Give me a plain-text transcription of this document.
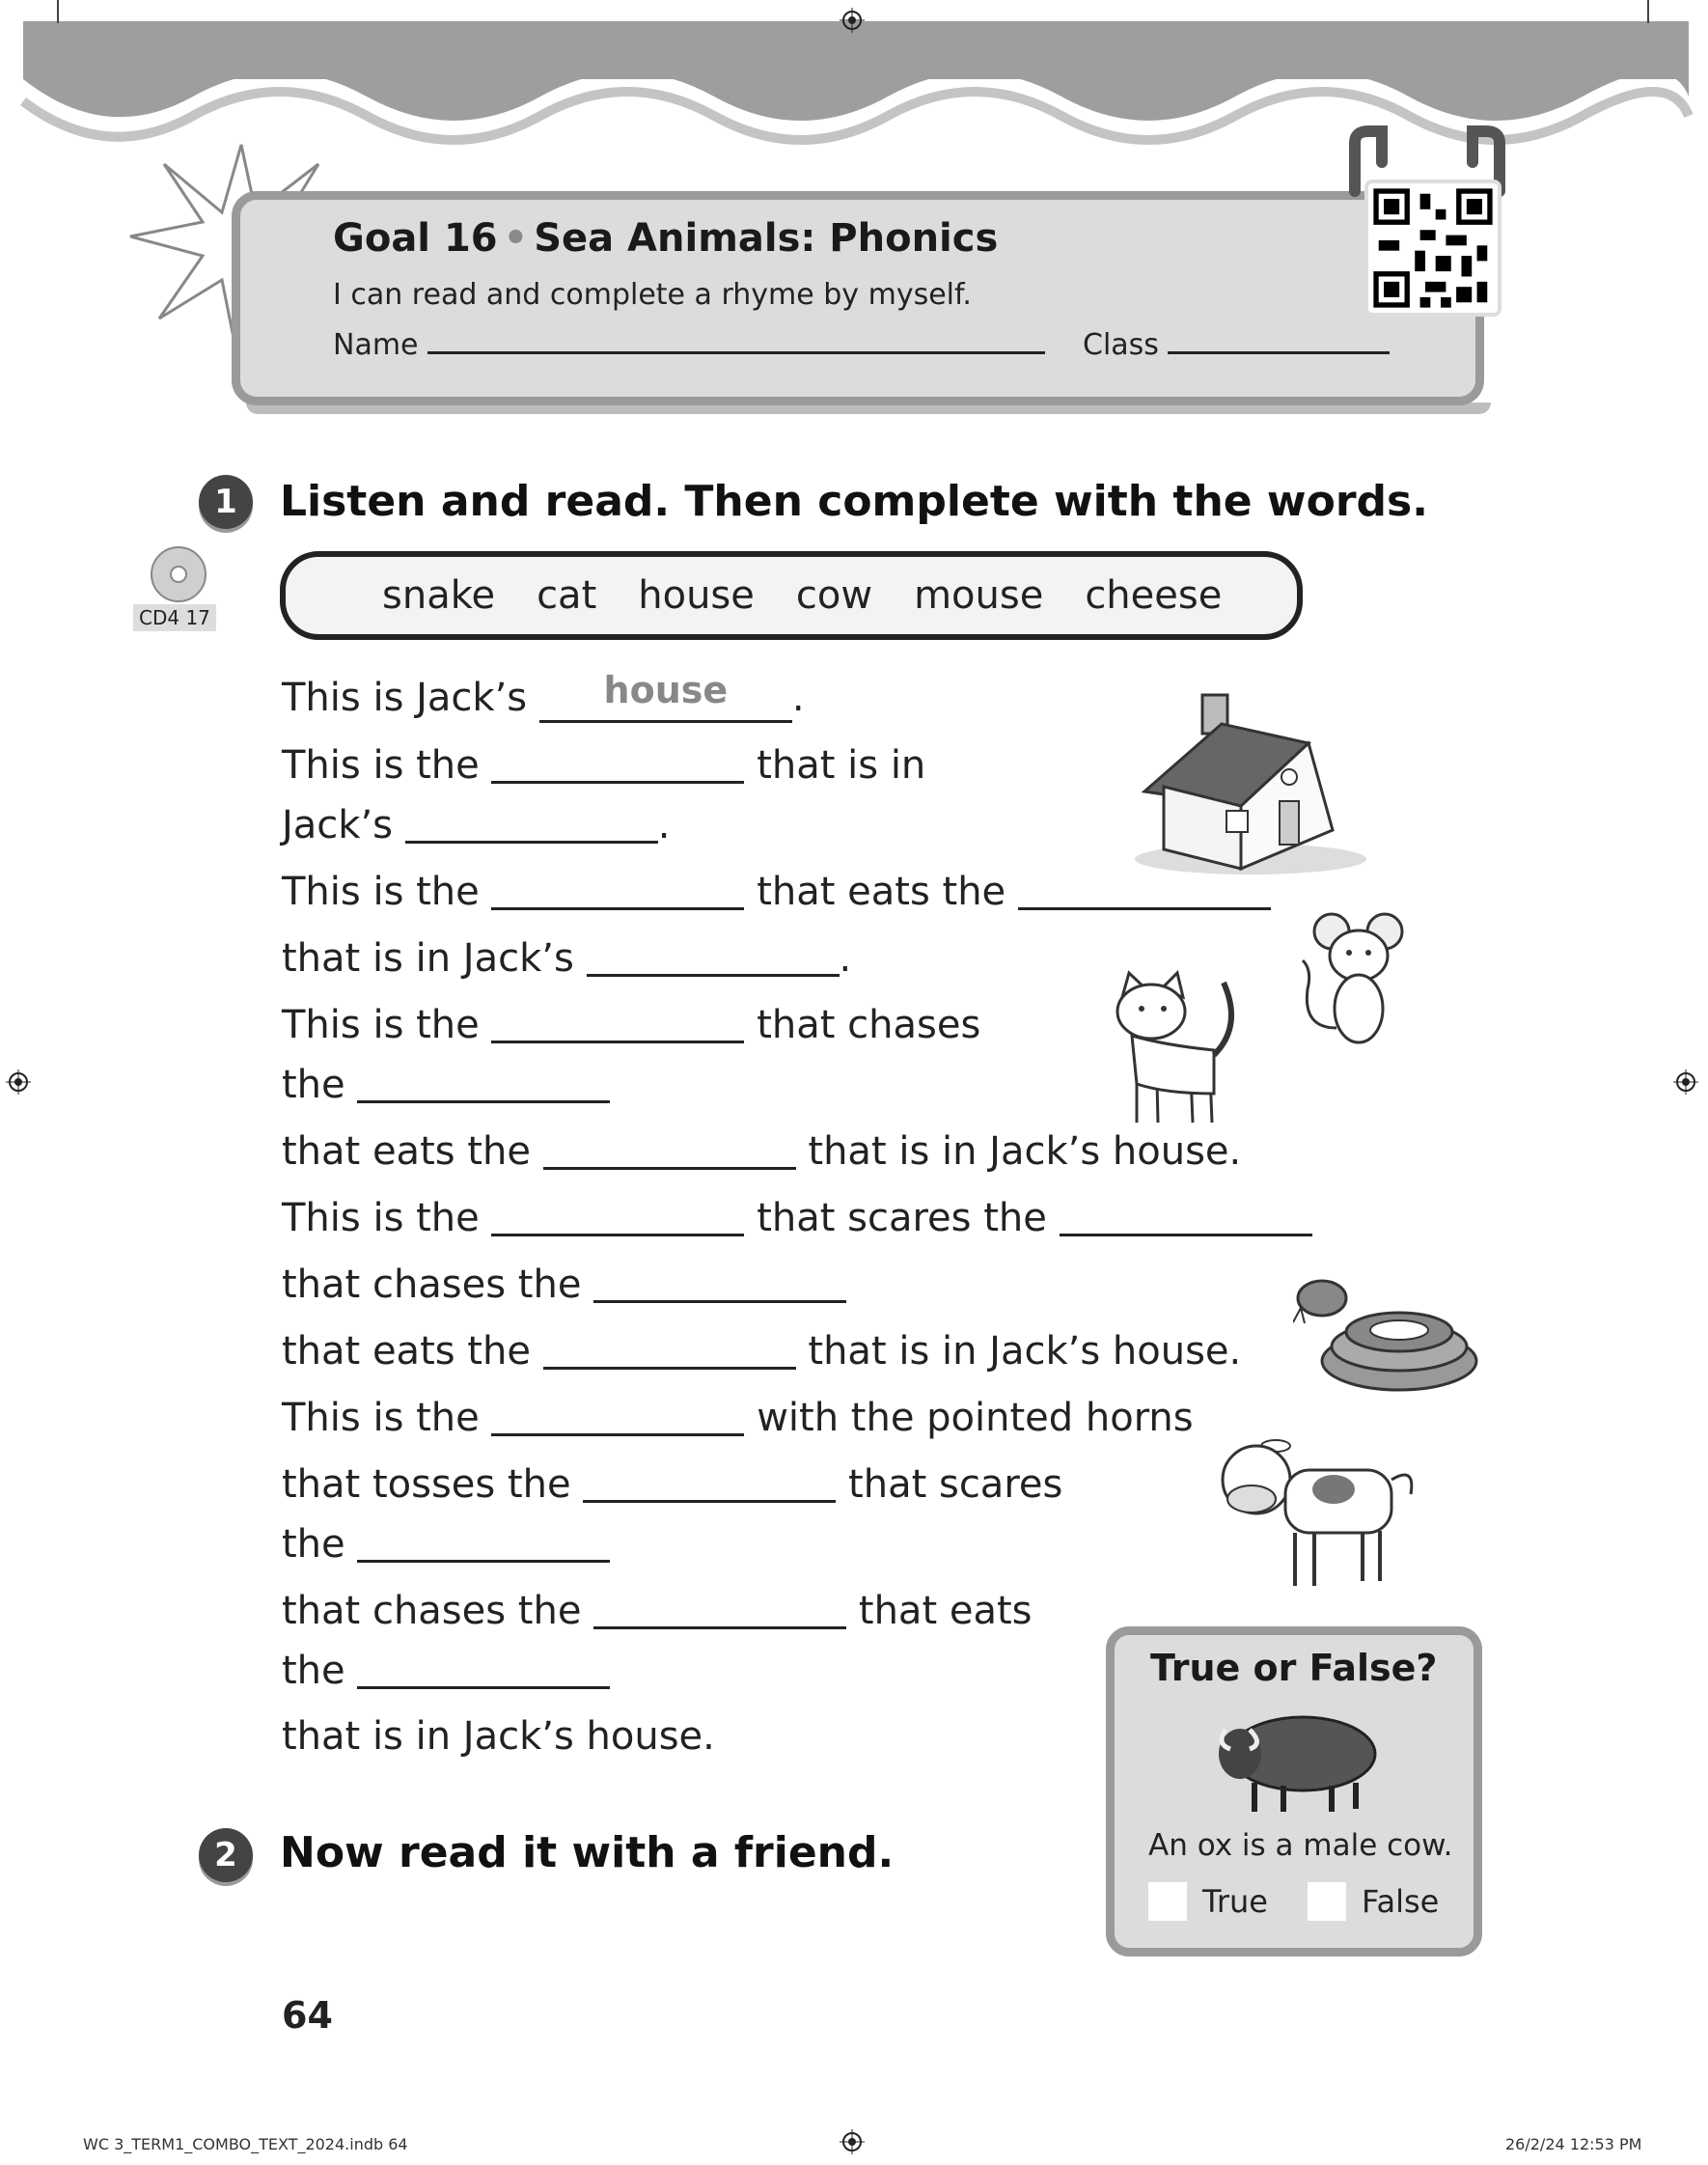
Goal 16 • Sea Animals: Phonics
I can read and complete a rhyme by myself.
Name	Class
1	Listen and read. Then complete with the words.
CD4 17	snake cat house cow mouse cheese
This is Jack’s house .
This is the	that is in
Jack’s	.
This is the	that eats the
that is in Jack’s	.
This is the	that chases
the
that eats the	that is in Jack’s house.
This is the	that scares the
that chases the
that eats the	that is in Jack’s house.
This is the	with the pointed horns
that tosses the	that scares
the
that chases the	that eats
the
that is in Jack’s house.
2	Now read it with a friend.
True or False?
An ox is a male cow.
True	False
64
WC 3_TERM1_COMBO_TEXT_2024.indb 64	26/2/24 12:53 PM
